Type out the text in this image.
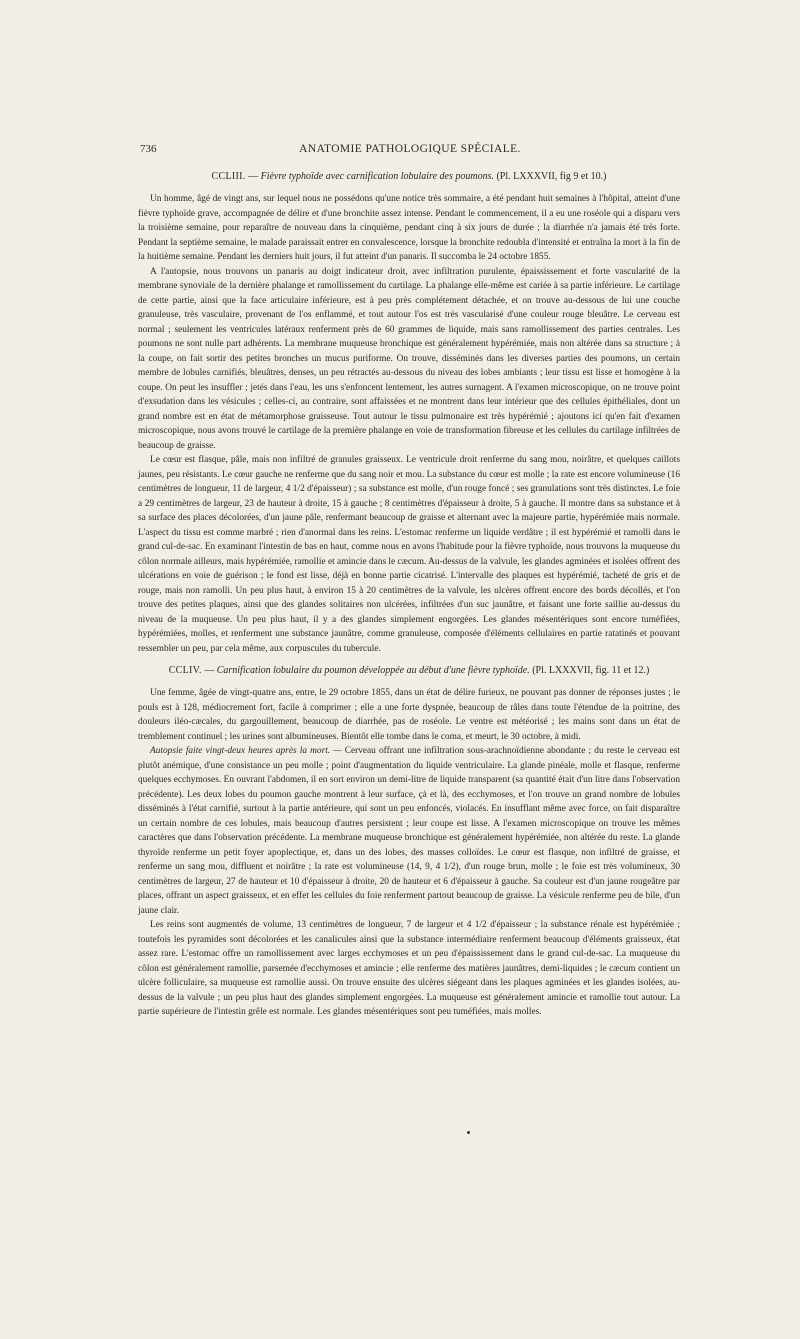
736	ANATOMIE PATHOLOGIQUE SPÉCIALE.
CCLIII. — Fièvre typhoïde avec carnification lobulaire des poumons. (Pl. LXXXVII, fig 9 et 10.)

Un homme, âgé de vingt ans, sur lequel nous ne possédons qu'une notice très sommaire, a été pendant huit semaines à l'hôpital, atteint d'une fièvre typhoïde grave, accompagnée de délire et d'une bronchite assez intense. Pendant le commencement, il a eu une roséole qui a disparu vers la troisième semaine, pour reparaître de nouveau dans la cinquième, pendant cinq à six jours de durée ; la diarrhée n'a jamais été très forte. Pendant la septième semaine, le malade paraissait entrer en convalescence, lorsque la bronchite redoubla d'intensité et entraîna la mort à la fin de la huitième semaine. Pendant les derniers huit jours, il fut atteint d'un panaris. Il succomba le 24 octobre 1855.

A l'autopsie, nous trouvons un panaris au doigt indicateur droit, avec infiltration purulente, épaississement et forte vascularité de la membrane synoviale de la dernière phalange et ramollissement du cartilage. La phalange elle-même est cariée à sa partie inférieure. Le cartilage de cette partie, ainsi que la face articulaire inférieure, est à peu près complétement détachée, et on trouve au-dessous de lui une couche granuleuse, très vasculaire, provenant de l'os enflammé, et tout autour l'os est très vascularisé d'une couleur rouge bleuâtre. Le cerveau est normal ; seulement les ventricules latéraux renferment près de 60 grammes de liquide, mais sans ramollissement des parties centrales. Les poumons ne sont nulle part adhérents. La membrane muqueuse bronchique est généralement hypérémiée, mais non altérée dans sa structure ; à la coupe, on fait sortir des petites bronches un mucus puriforme. On trouve, disséminés dans les diverses parties des poumons, un certain membre de lobules carnifiés, bleuâtres, denses, un peu rétractés au-dessous du niveau des lobes ambiants ; leur tissu est lisse et homogène à la coupe. On peut les insuffler ; jetés dans l'eau, les uns s'enfoncent lentement, les autres surnagent. A l'examen microscopique, on ne trouve point d'exsudation dans les vésicules ; celles-ci, au contraire, sont affaissées et ne montrent dans leur intérieur que des cellules épithéliales, dont un grand nombre est en état de métamorphose graisseuse. Tout autour le tissu pulmonaire est très hypérémié ; ajoutons ici qu'en fait d'examen microscopique, nous avons trouvé le cartilage de la première phalange en voie de transformation fibreuse et les cellules du cartilage infiltrées de beaucoup de graisse.

Le cœur est flasque, pâle, mais non infiltré de granules graisseux. Le ventricule droit renferme du sang mou, noirâtre, et quelques caillots jaunes, peu résistants. Le cœur gauche ne renferme que du sang noir et mou. La substance du cœur est molle ; la rate est encore volumineuse (16 centimètres de longueur, 11 de largeur, 4 1/2 d'épaisseur) ; sa substance est molle, d'un rouge foncé ; ses granulations sont très distinctes. Le foie a 29 centimètres de largeur, 23 de hauteur à droite, 15 à gauche ; 8 centimètres d'épaisseur à droite, 5 à gauche. Il montre dans sa substance et à sa surface des places décolorées, d'un jaune pâle, renfermant beaucoup de graisse et alternant avec la majeure partie, hypérémiée mais normale. L'aspect du tissu est comme marbré ; rien d'anormal dans les reins. L'estomac renferme un liquide verdâtre ; il est hypérémié et ramolli dans le grand cul-de-sac. En examinant l'intestin de bas en haut, comme nous en avons l'habitude pour la fièvre typhoïde, nous trouvons la muqueuse du côlon normale ailleurs, mais hypérémiée, ramollie et amincie dans le cæcum. Au-dessus de la valvule, les glandes agminées et isolées offrent des ulcérations en voie de guérison ; le fond est lisse, déjà en bonne partie cicatrisé. L'intervalle des plaques est hypérémié, tacheté de gris et de rouge, mais non ramolli. Un peu plus haut, à environ 15 à 20 centimètres de la valvule, les ulcères offrent encore des bords décollés, et l'on trouve des petites plaques, ainsi que des glandes solitaires non ulcérées, infiltrées d'un suc jaunâtre, et faisant une forte saillie au-dessus du niveau de la muqueuse. Un peu plus haut, il y a des glandes simplement engorgées. Les glandes mésentériques sont encore tuméfiées, hypérémiées, molles, et renferment une substance jaunâtre, comme granuleuse, composée d'éléments cellulaires en partie ratatinés et pouvant ressembler un peu, par cela même, aux corpuscules du tubercule.

CCLIV. — Carnification lobulaire du poumon développée au début d'une fièvre typhoïde. (Pl. LXXXVII, fig. 11 et 12.)

Une femme, âgée de vingt-quatre ans, entre, le 29 octobre 1855, dans un état de délire furieux, ne pouvant pas donner de réponses justes ; le pouls est à 128, médiocrement fort, facile à comprimer ; elle a une forte dyspnée, beaucoup de râles dans toute l'étendue de la poitrine, des douleurs iléo-cæcales, du gargouillement, beaucoup de diarrhée, pas de roséole. Le ventre est météorisé ; les mains sont dans un état de tremblement continuel ; les urines sont albumineuses. Bientôt elle tombe dans le coma, et meurt, le 30 octobre, à midi.

Autopsie faite vingt-deux heures après la mort. — Cerveau offrant une infiltration sous-arachnoïdienne abondante ; du reste le cerveau est plutôt anémique, d'une consistance un peu molle ; point d'augmentation du liquide ventriculaire. La glande pinéale, molle et flasque, renferme quelques ecchymoses. En ouvrant l'abdomen, il en sort environ un demi-litre de liquide transparent (sa quantité était d'un litre dans l'observation précédente). Les deux lobes du poumon gauche montrent à leur surface, çà et là, des ecchymoses, et l'on trouve un grand nombre de lobules disséminés à l'état carnifié, surtout à la partie antérieure, qui sont un peu enfoncés, violacés. En insufflant même avec force, on fait disparaître un certain nombre de ces lobules, mais beaucoup d'autres persistent ; leur coupe est lisse. A l'examen microscopique on trouve les mêmes caractères que dans l'observation précédente. La membrane muqueuse bronchique est généralement hypérémiée, non altérée du reste. La glande thyroïde renferme un petit foyer apoplectique, et, dans un des lobes, des masses colloïdes. Le cœur est flasque, non infiltré de graisse, et renferme un sang mou, diffluent et noirâtre ; la rate est volumineuse (14, 9, 4 1/2), d'un rouge brun, molle ; le foie est très volumineux, 30 centimètres de largeur, 27 de hauteur et 10 d'épaisseur à droite, 20 de hauteur et 6 d'épaisseur à gauche. Sa couleur est d'un jaune rougeâtre par places, offrant un aspect graisseux, et en effet les cellules du foie renferment partout beaucoup de graisse. La vésicule renferme peu de bile, d'un jaune clair.

Les reins sont augmentés de volume, 13 centimètres de longueur, 7 de largeur et 4 1/2 d'épaisseur ; la substance rénale est hypérémiée ; toutefois les pyramides sont décolorées et les canalicules ainsi que la substance intermédiaire renferment beaucoup d'éléments graisseux, état assez rare. L'estomac offre un ramollissement avec larges ecchymoses et un peu d'épaississement dans le grand cul-de-sac. La muqueuse du côlon est généralement ramollie, parsemée d'ecchymoses et amincie ; elle renferme des matières jaunâtres, demi-liquides ; le cæcum contient un ulcère folliculaire, sa muqueuse est ramollie aussi. On trouve ensuite des ulcères siégeant dans les plaques agminées et les glandes isolées, au-dessus de la valvule ; un peu plus haut des glandes simplement engorgées. La muqueuse est généralement amincie et ramollie tout autour. La partie supérieure de l'intestin grêle est normale. Les glandes mésentériques sont peu tuméfiées, mais molles.
